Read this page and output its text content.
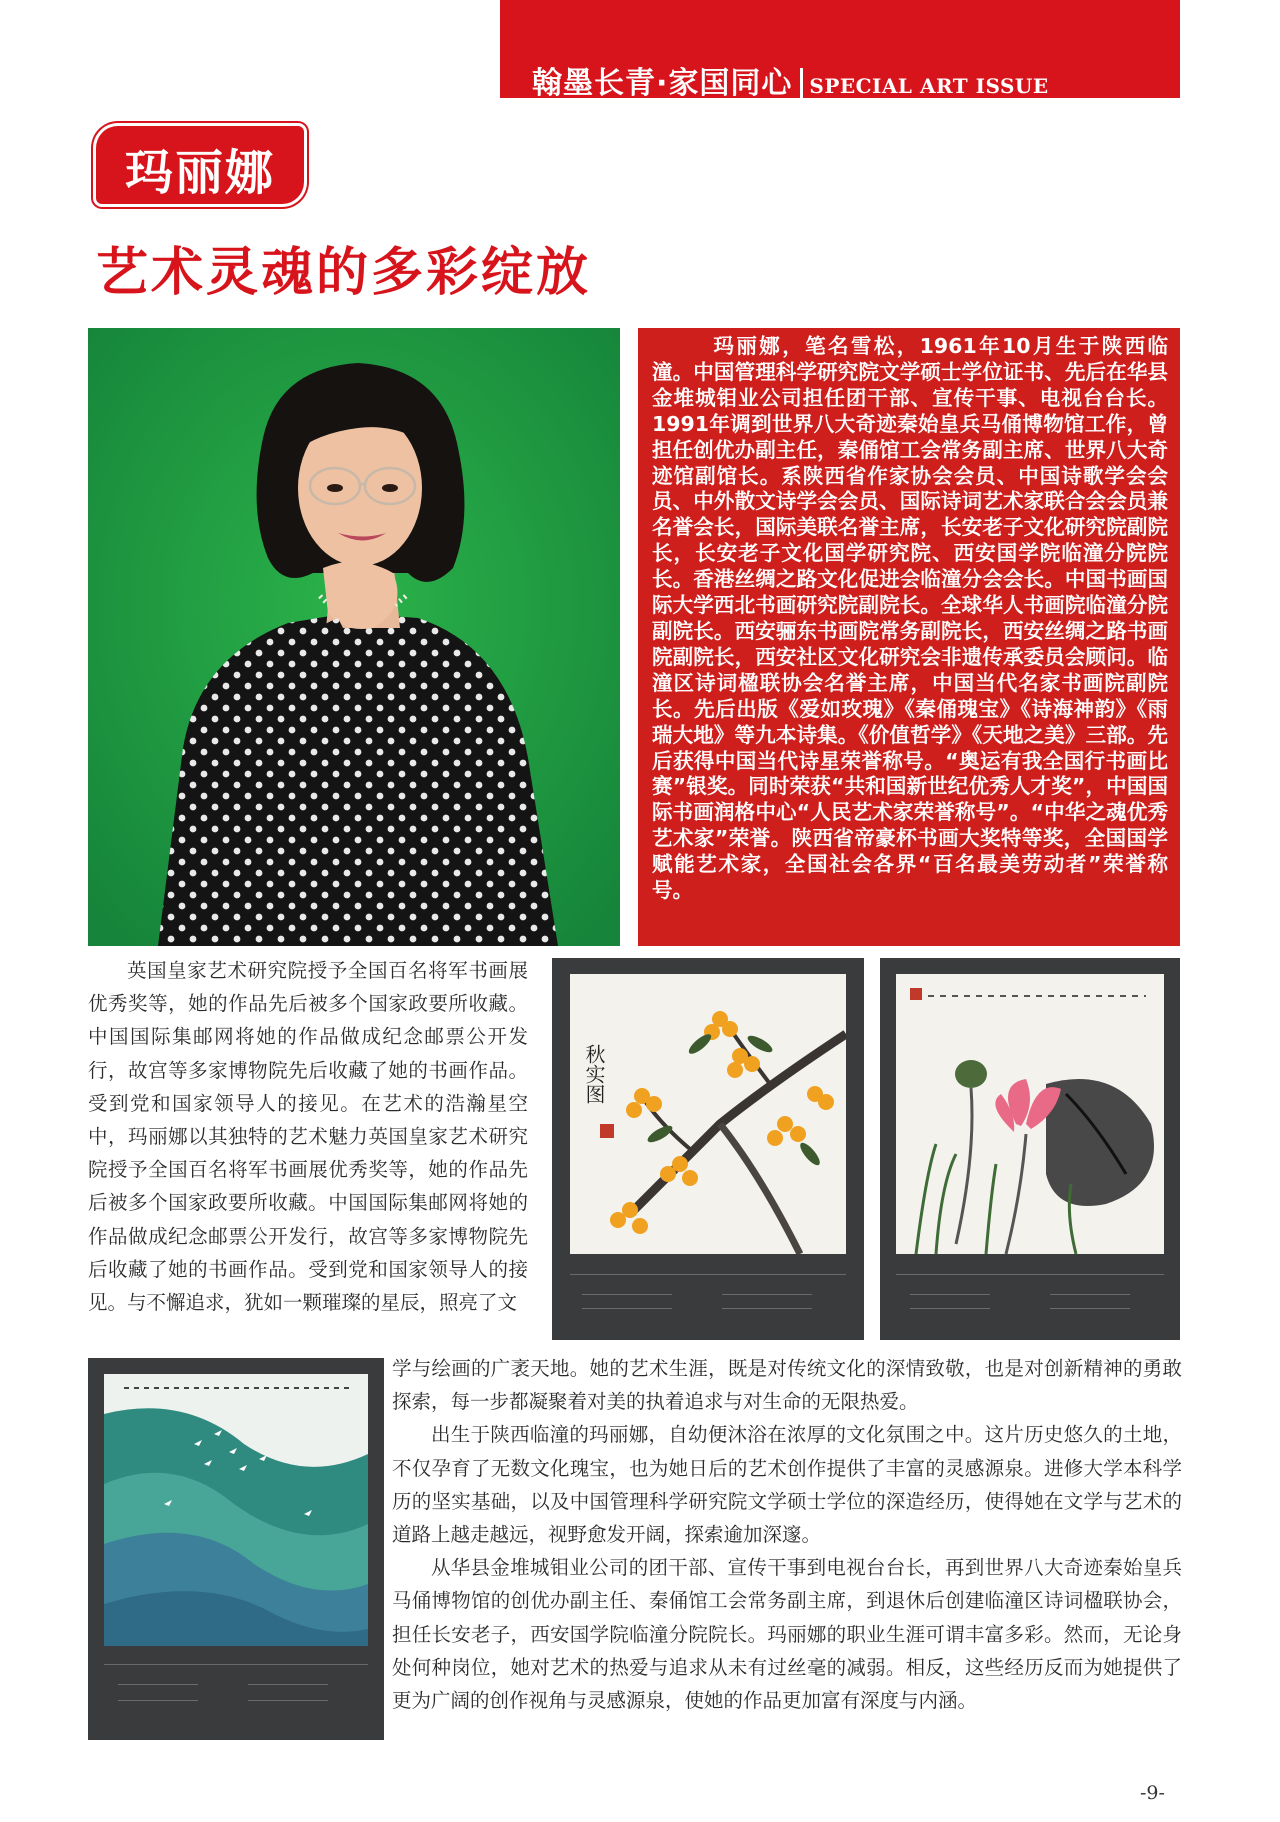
翰墨长青·家国同心 SPECIAL ART ISSUE
玛丽娜
艺术灵魂的多彩绽放

玛丽娜，笔名雪松，1961年10月生于陕西临潼。中国管理科学研究院文学硕士学位证书、先后在华县金堆城钼业公司担任团干部、宣传干事、电视台台长。1991年调到世界八大奇迹秦始皇兵马俑博物馆工作，曾担任创优办副主任，秦俑馆工会常务副主席、世界八大奇迹馆副馆长。系陕西省作家协会会员、中国诗歌学会会员、中外散文诗学会会员、国际诗词艺术家联合会会员兼名誉会长，国际美联名誉主席，长安老子文化研究院副院长，长安老子文化国学研究院、西安国学院临潼分院院长。香港丝绸之路文化促进会临潼分会会长。中国书画国际大学西北书画研究院副院长。全球华人书画院临潼分院副院长。西安骊东书画院常务副院长，西安丝绸之路书画院副院长，西安社区文化研究会非遗传承委员会顾问。临潼区诗词楹联协会名誉主席，中国当代名家书画院副院长。先后出版《爱如玫瑰》《秦俑瑰宝》《诗海神韵》《雨瑞大地》等九本诗集。《价值哲学》《天地之美》三部。先后获得中国当代诗星荣誉称号。“奥运有我全国行书画比赛”银奖。同时荣获“共和国新世纪优秀人才奖”，中国国际书画润格中心“人民艺术家荣誉称号”。“中华之魂优秀艺术家”荣誉。陕西省帝豪杯书画大奖特等奖，全国国学赋能艺术家，全国社会各界“百名最美劳动者”荣誉称号。

英国皇家艺术研究院授予全国百名将军书画展优秀奖等，她的作品先后被多个国家政要所收藏。中国国际集邮网将她的作品做成纪念邮票公开发行，故宫等多家博物院先后收藏了她的书画作品。受到党和国家领导人的接见。在艺术的浩瀚星空中，玛丽娜以其独特的艺术魅力英国皇家艺术研究院授予全国百名将军书画展优秀奖等，她的作品先后被多个国家政要所收藏。中国国际集邮网将她的作品做成纪念邮票公开发行，故宫等多家博物院先后收藏了她的书画作品。受到党和国家领导人的接见。与不懈追求，犹如一颗璀璨的星辰，照亮了文

秋实图

学与绘画的广袤天地。她的艺术生涯，既是对传统文化的深情致敬，也是对创新精神的勇敢探索，每一步都凝聚着对美的执着追求与对生命的无限热爱。

出生于陕西临潼的玛丽娜，自幼便沐浴在浓厚的文化氛围之中。这片历史悠久的土地，不仅孕育了无数文化瑰宝，也为她日后的艺术创作提供了丰富的灵感源泉。进修大学本科学历的坚实基础，以及中国管理科学研究院文学硕士学位的深造经历，使得她在文学与艺术的道路上越走越远，视野愈发开阔，探索逾加深邃。

从华县金堆城钼业公司的团干部、宣传干事到电视台台长，再到世界八大奇迹秦始皇兵马俑博物馆的创优办副主任、秦俑馆工会常务副主席，到退休后创建临潼区诗词楹联协会，担任长安老子，西安国学院临潼分院院长。玛丽娜的职业生涯可谓丰富多彩。然而，无论身处何种岗位，她对艺术的热爱与追求从未有过丝毫的减弱。相反，这些经历反而为她提供了更为广阔的创作视角与灵感源泉，使她的作品更加富有深度与内涵。

-9-
